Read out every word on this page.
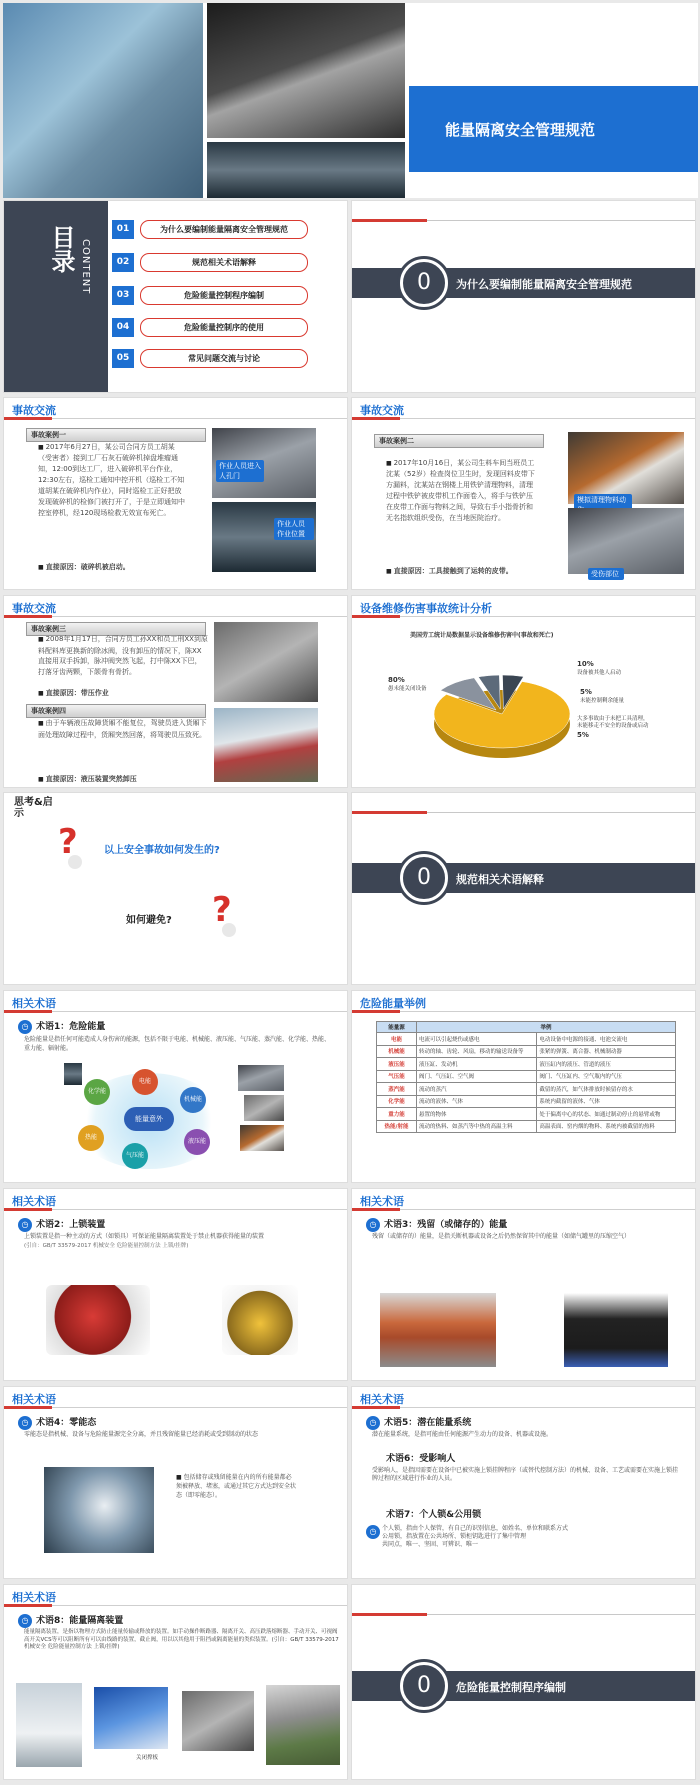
能量隔离安全管理规范
目录 CONTENT
01	为什么要编制能量隔离安全管理规范
02	规范相关术语解释
03	危险能量控制程序编制
04	危险能量控制序的使用
05	常见问题交流与讨论
为什么要编制能量隔离安全管理规范
0
事故交流
事故案例一
■ 2017年6月27日，某公司合同方员工胡某（受害者）接到工厂石灰石破碎机掉盘堆瘤通知，12:00到达工厂，进入破碎机平台作业，12:30左右，巡检工通知中控开机（巡检工不知道胡某在破碎机内作业），同时巡检工正好把放发现破碎机的检修门被打开了，于是立即通知中控室停机，经120现场检救无效宣布死亡。
■ 直接原因：破碎机被启动。
作业人员进入人孔门
作业人员作业位置
事故交流
事故案例二
■ 2017年10月16日，某公司生料车间当班员工沈某（52岁）检查岗位卫生时，发现回料皮带下方漏料，沈某站在钢楼上用铁铲清理物料，清理过程中铁铲被皮带机工作面卷入，将手与铁铲压在皮带工作面与物料之间，导致右手小指骨折和无名指软组织受伤，在当地医院治疗。
■ 直接原因：工具接触到了运转的皮带。
模拟清理物料动
受伤部位
事故交流
事故案例三
■ 2008年1月17日，合同方员工孙XX和员工刑XX到原料配料库更换新的除冰阀，没有卸压的情况下，陈XX直接用双手拆卸，脉冲阀突然飞起，打中陈XX下巴，打落牙齿两颗，下颌骨有骨折。
■ 直接原因：带压作业
事故案例四
■ 由于车辆液压故障货厢不能复位，驾驶员进入货厢下面处理故障过程中，货厢突然回落，将驾驶员压致死。
■ 直接原因：液压装置突然卸压
设备维修伤害事故统计分析
美国劳工统计局数据显示设备维修伤害中(事故和死亡)
80%
愚未能关闭设备
10%
设备被其他人启动
5%
未能控制剩余能量
大多事故由于未把工具清理，未能移走不安全的设备或启动
5%
思考&启示
?	以上安全事故如何发生的?
如何避免? ?
规范相关术语解释
0
相关术语
◷ 术语1：危险能量
危险能量是指任何可能造成人身伤害的能源，包括不限于电能、机械能、液压能、气压能、蒸汽能、化学能、热能、重力能、辐射能。
能量意外
化学能
电能
机械能
液压能
气压能
热能
危险能量举例
能量源	举例	
电能	电流可以引起烧伤或感电	电动设备中电源的接通、电池交流电
机械能	转动的轴、齿轮、风扇，移动的输送设备等	张紧的弹簧、离合器、机械制动器
液压能	液压缸、发动机	液压缸内的液压、管道的液压
气压能	阀门、气压缸、空气阀	阀门、气压缸内、空气瓶内的气压
蒸汽能	流动的蒸汽	截留的蒸汽，如气体排放时候留存的水
化学能	流动的液体、气体	系统内截留的液体、气体
重力能	悬置的物体	处于偏离中心的状态、如通过制动停止的悬臂或物
热能/射能	流动的热料、如蒸汽等中热的高温主料	高温表面、窑内烟的物料、系统内被截留的热料
相关术语
◷ 术语2：上锁装置
上锁装置是指一种主动的方式（如锁具）可保证能量隔离装置处于禁止机器获得能量的装置
(引自：GB/T 33579-2017 机械安全 危险能量控制方法 上锁/挂牌)
相关术语
◷ 术语3：残留（或储存的）能量
残留（或储存的）能量，是指关断机器或设备之后仍然保留其中的能量（如储气罐里的压缩空气）
相关术语
◷ 术语4：零能态
零能态是指机械、设备与危险能量源完全分离，并且残留能量已经消耗或受到制动的状态
■ 包括储存或残留能量在内的所有能量都必须被释放、堵塞，或通过其它方式达到安全状态（即零能态）。
相关术语
◷ 术语5：潜在能量系统
潜在能量系统，是指可能由任何能源产生动力的设备、机器或设施。
术语6：受影响人
受影响人，是指因需要在设备中已被实施上锁挂牌程序（或替代控制方法）的机械、设备、工艺或需要在实施上锁挂牌过程的区域进行作业的人员。
术语7：个人锁&公用锁
个人锁，指由个人保管，有自己的识别信息，如姓名、单位和联系方式
公用锁，指放置在公共场所、锁柜钥匙进行了集中管理
共同点，唯一、坚固、可辨识、唯一
◷
相关术语
◷ 术语8：能量隔离装置
能量隔离装置，是指以物理方式防止能量传输或释放的装置。如手动操作断路器、隔离开关、高压跌落熔断器、手动开关、可视阀高开关VCS等可以阻断所有可以由线路的装置，截止阀，用以以其他用于阻挡或隔离能量的类似装置。(引自：GB/T 33579-2017 机械安全 危险能量控制方法 上锁/挂牌)
关闭撑板
危险能量控制程序编制
0
